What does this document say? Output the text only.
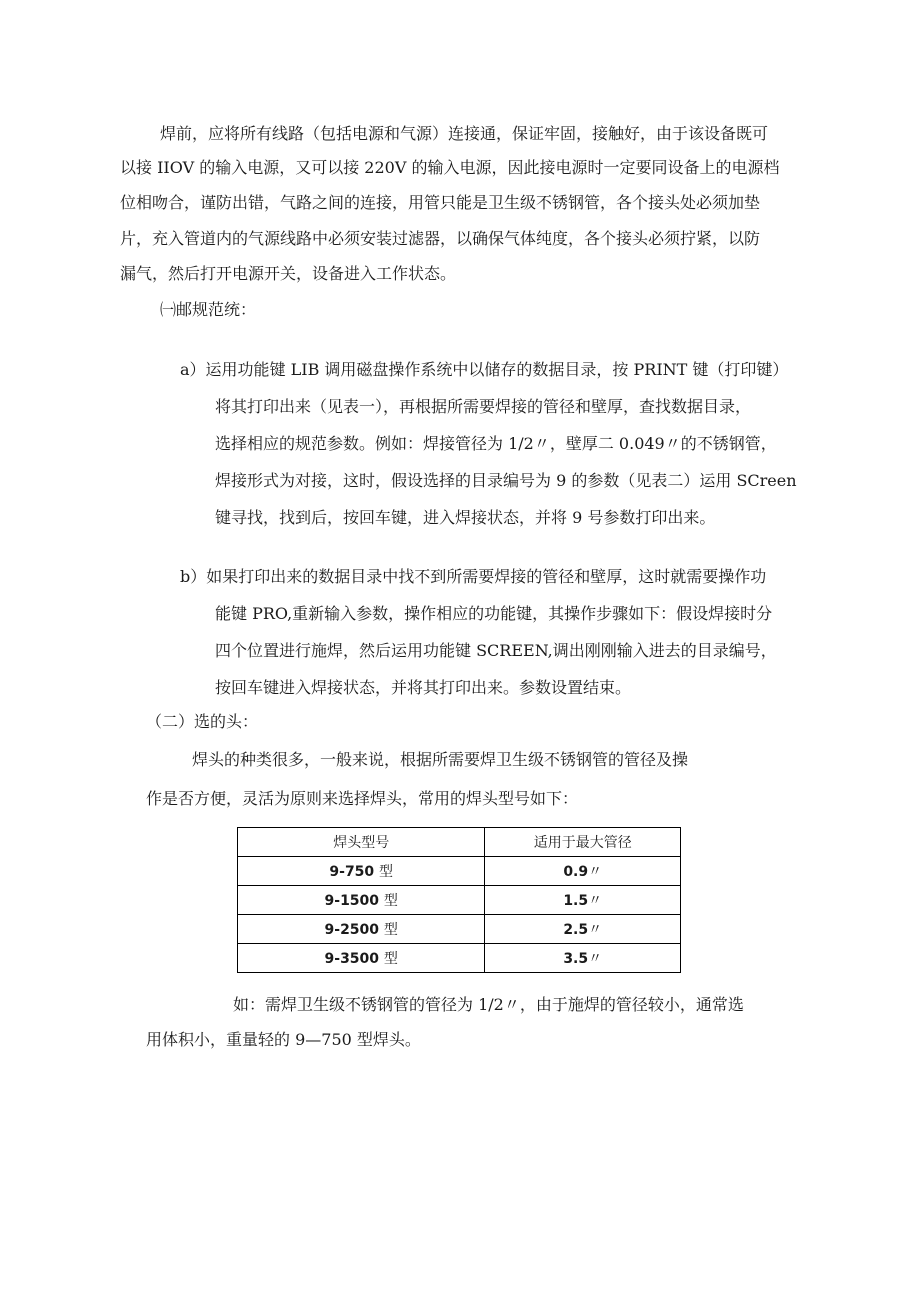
焊前，应将所有线路（包括电源和气源）连接通，保证牢固，接触好，由于该设备既可
以接 IIOV 的输入电源，又可以接 220V 的输入电源，因此接电源时一定要同设备上的电源档
位相吻合，谨防出错，气路之间的连接，用管只能是卫生级不锈钢管，各个接头处必须加垫
片，充入管道内的气源线路中必须安装过滤器，以确保气体纯度，各个接头必须拧紧，以防
漏气，然后打开电源开关，设备进入工作状态。
㈠邮规范统：
a）运用功能键 LIB 调用磁盘操作系统中以储存的数据目录，按 PRINT 键（打印键）
将其打印出来（见表一），再根据所需要焊接的管径和壁厚，查找数据目录，
选择相应的规范参数。例如：焊接管径为 1/2〃，壁厚二 0.049〃的不锈钢管，
焊接形式为对接，这时，假设选择的目录编号为 9 的参数（见表二）运用 SCreen
键寻找，找到后，按回车键，进入焊接状态，并将 9 号参数打印出来。
b）如果打印出来的数据目录中找不到所需要焊接的管径和壁厚，这时就需要操作功
能键 PRO,重新输入参数，操作相应的功能键，其操作步骤如下：假设焊接时分
四个位置进行施焊，然后运用功能键 SCREEN,调出刚刚输入进去的目录编号，
按回车键进入焊接状态，并将其打印出来。参数设置结束。
（二）选的头：
焊头的种类很多，一般来说，根据所需要焊卫生级不锈钢管的管径及操
作是否方便，灵活为原则来选择焊头，常用的焊头型号如下：
焊头型号	适用于最大管径
9-750 型	0.9〃
9-1500 型	1.5〃
9-2500 型	2.5〃
9-3500 型	3.5〃
如：需焊卫生级不锈钢管的管径为 1/2〃，由于施焊的管径较小，通常选
用体积小，重量轻的 9—750 型焊头。
